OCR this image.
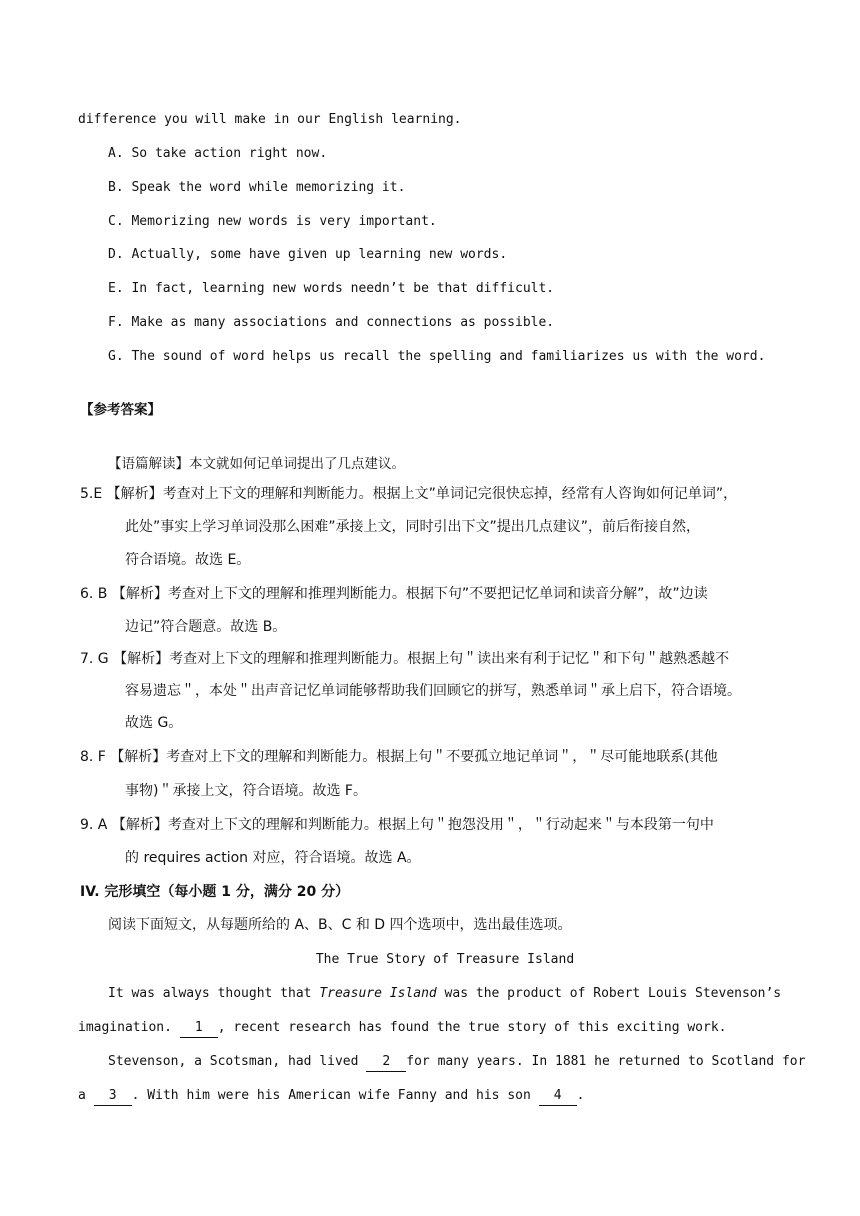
difference you will make in our English learning.
A. So take action right now.
B. Speak the word while memorizing it.
C. Memorizing new words is very important.
D. Actually, some have given up learning new words.
E. In fact, learning new words needn’t be that difficult.
F. Make as many associations and connections as possible.
G. The sound of word helps us recall the spelling and familiarizes us with the word.
【参考答案】
【语篇解读】本文就如何记单词提出了几点建议。
5.E 【解析】考查对上下文的理解和判断能力。根据上文”单词记完很快忘掉，经常有人咨询如何记单词”，
此处”事实上学习单词没那么困难”承接上文，同时引出下文”提出几点建议”，前后衔接自然，
符合语境。故选 E。
6. B 【解析】考查对上下文的理解和推理判断能力。根据下句”不要把记忆单词和读音分解”，故”边读
边记”符合题意。故选 B。
7. G 【解析】考查对上下文的理解和推理判断能力。根据上句＂读出来有利于记忆＂和下句＂越熟悉越不
容易遗忘＂，本处＂出声音记忆单词能够帮助我们回顾它的拼写，熟悉单词＂承上启下，符合语境。
故选 G。
8. F 【解析】考查对上下文的理解和判断能力。根据上句＂不要孤立地记单词＂，＂尽可能地联系(其他
事物)＂承接上文，符合语境。故选 F。
9. A 【解析】考查对上下文的理解和判断能力。根据上句＂抱怨没用＂，＂行动起来＂与本段第一句中
的 requires action 对应，符合语境。故选 A。
IV. 完形填空（每小题 1 分，满分 20 分）
阅读下面短文，从每题所给的 A、B、C 和 D 四个选项中，选出最佳选项。
The True Story of Treasure Island
It was always thought that Treasure Island was the product of Robert Louis Stevenson’s
imagination. 1 , recent research has found the true story of this exciting work.
Stevenson, a Scotsman, had lived 2 for many years. In 1881 he returned to Scotland for
a 3 . With him were his American wife Fanny and his son 4 .
